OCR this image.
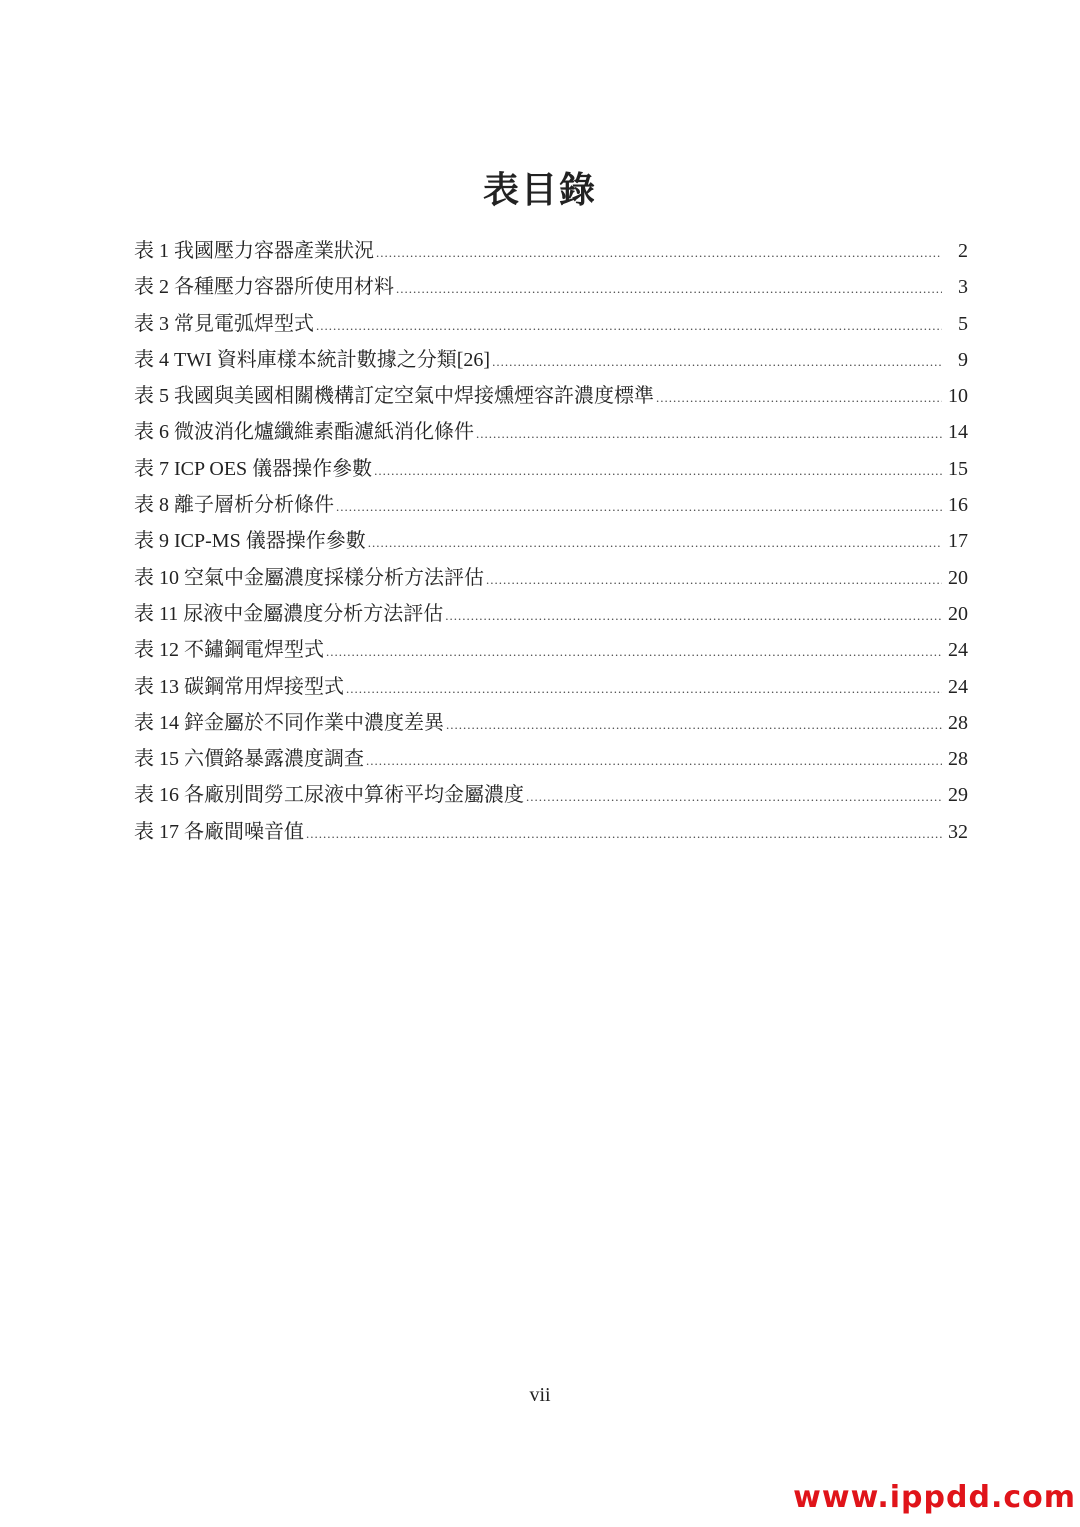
表目錄
表 1 我國壓力容器產業狀況 .....	2
表 2 各種壓力容器所使用材料 .....	3
表 3 常見電弧焊型式 .....	5
表 4 TWI 資料庫樣本統計數據之分類[26] .....	9
表 5 我國與美國相關機構訂定空氣中焊接燻煙容許濃度標準 .....	10
表 6 微波消化爐纖維素酯濾紙消化條件 .....	14
表 7 ICP OES 儀器操作參數 .....	15
表 8 離子層析分析條件 .....	16
表 9 ICP-MS 儀器操作參數 .....	17
表 10 空氣中金屬濃度採樣分析方法評估 .....	20
表 11 尿液中金屬濃度分析方法評估 .....	20
表 12 不鏽鋼電焊型式 .....	24
表 13 碳鋼常用焊接型式 .....	24
表 14 鋅金屬於不同作業中濃度差異 .....	28
表 15 六價鉻暴露濃度調查 .....	28
表 16 各廠別間勞工尿液中算術平均金屬濃度 .....	29
表 17 各廠間噪音值 .....	32
vii
www.ippdd.com
